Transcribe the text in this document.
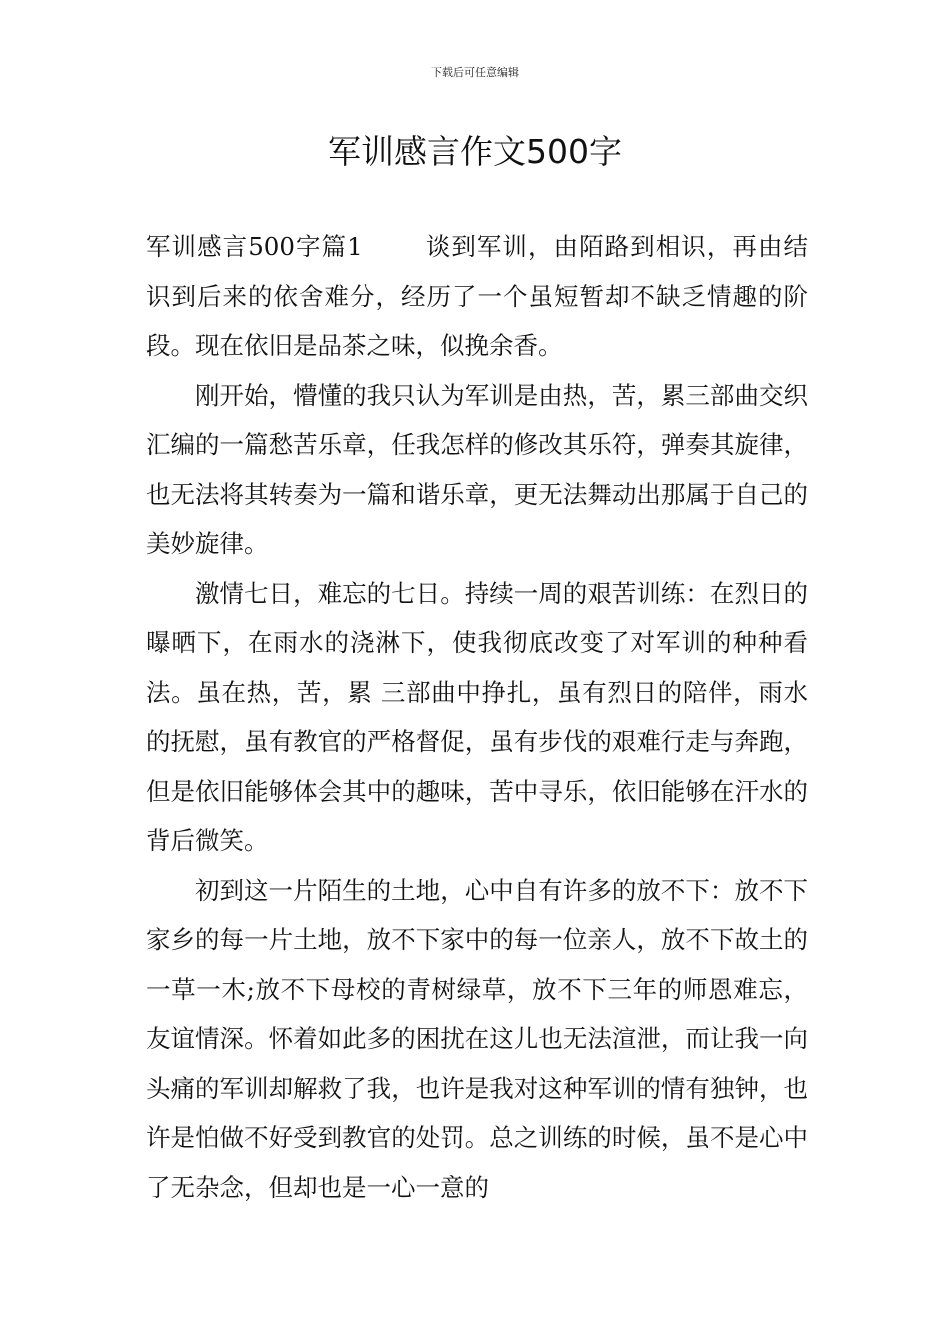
下载后可任意编辑
军训感言作文500字

军训感言500字篇1	谈到军训，由陌路到相识，再由结识到后来的依舍难分，经历了一个虽短暂却不缺乏情趣的阶段。现在依旧是品茶之味，似挽余香。

刚开始，懵懂的我只认为军训是由热，苦，累三部曲交织汇编的一篇愁苦乐章，任我怎样的修改其乐符，弹奏其旋律，也无法将其转奏为一篇和谐乐章，更无法舞动出那属于自己的美妙旋律。

激情七日，难忘的七日。持续一周的艰苦训练：在烈日的曝晒下，在雨水的浇淋下，使我彻底改变了对军训的种种看法。虽在热，苦，累 三部曲中挣扎，虽有烈日的陪伴，雨水的抚慰，虽有教官的严格督促，虽有步伐的艰难行走与奔跑，但是依旧能够体会其中的趣味，苦中寻乐，依旧能够在汗水的背后微笑。

初到这一片陌生的土地，心中自有许多的放不下：放不下家乡的每一片土地，放不下家中的每一位亲人，放不下故土的一草一木;放不下母校的青树绿草，放不下三年的师恩难忘，友谊情深。怀着如此多的困扰在这儿也无法渲泄，而让我一向头痛的军训却解救了我，也许是我对这种军训的情有独钟，也许是怕做不好受到教官的处罚。总之训练的时候，虽不是心中了无杂念，但却也是一心一意的
